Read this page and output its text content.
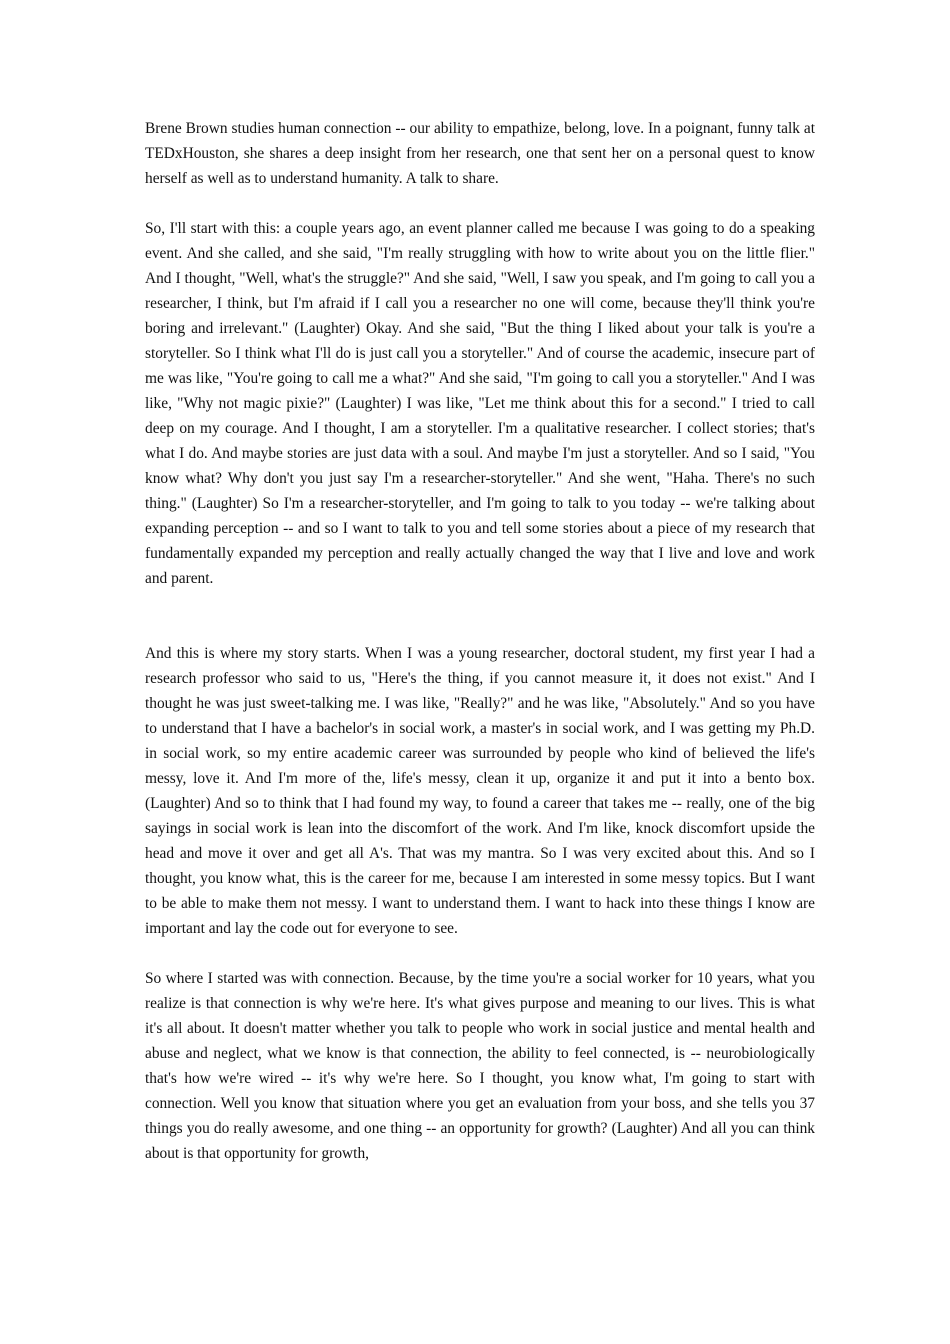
Brene Brown studies human connection -- our ability to empathize, belong, love. In a poignant, funny talk at TEDxHouston, she shares a deep insight from her research, one that sent her on a personal quest to know herself as well as to understand humanity. A talk to share.

So, I'll start with this: a couple years ago, an event planner called me because I was going to do a speaking event. And she called, and she said, "I'm really struggling with how to write about you on the little flier." And I thought, "Well, what's the struggle?" And she said, "Well, I saw you speak, and I'm going to call you a researcher, I think, but I'm afraid if I call you a researcher no one will come, because they'll think you're boring and irrelevant." (Laughter) Okay. And she said, "But the thing I liked about your talk is you're a storyteller. So I think what I'll do is just call you a storyteller." And of course the academic, insecure part of me was like, "You're going to call me a what?" And she said, "I'm going to call you a storyteller." And I was like, "Why not magic pixie?" (Laughter) I was like, "Let me think about this for a second." I tried to call deep on my courage. And I thought, I am a storyteller. I'm a qualitative researcher. I collect stories; that's what I do. And maybe stories are just data with a soul. And maybe I'm just a storyteller. And so I said, "You know what? Why don't you just say I'm a researcher-storyteller." And she went, "Haha. There's no such thing." (Laughter) So I'm a researcher-storyteller, and I'm going to talk to you today -- we're talking about expanding perception -- and so I want to talk to you and tell some stories about a piece of my research that fundamentally expanded my perception and really actually changed the way that I live and love and work and parent.

And this is where my story starts. When I was a young researcher, doctoral student, my first year I had a research professor who said to us, "Here's the thing, if you cannot measure it, it does not exist." And I thought he was just sweet-talking me. I was like, "Really?" and he was like, "Absolutely." And so you have to understand that I have a bachelor's in social work, a master's in social work, and I was getting my Ph.D. in social work, so my entire academic career was surrounded by people who kind of believed the life's messy, love it. And I'm more of the, life's messy, clean it up, organize it and put it into a bento box. (Laughter) And so to think that I had found my way, to found a career that takes me -- really, one of the big sayings in social work is lean into the discomfort of the work. And I'm like, knock discomfort upside the head and move it over and get all A's. That was my mantra. So I was very excited about this. And so I thought, you know what, this is the career for me, because I am interested in some messy topics. But I want to be able to make them not messy. I want to understand them. I want to hack into these things I know are important and lay the code out for everyone to see.

So where I started was with connection. Because, by the time you're a social worker for 10 years, what you realize is that connection is why we're here. It's what gives purpose and meaning to our lives. This is what it's all about. It doesn't matter whether you talk to people who work in social justice and mental health and abuse and neglect, what we know is that connection, the ability to feel connected, is -- neurobiologically that's how we're wired -- it's why we're here. So I thought, you know what, I'm going to start with connection. Well you know that situation where you get an evaluation from your boss, and she tells you 37 things you do really awesome, and one thing -- an opportunity for growth? (Laughter) And all you can think about is that opportunity for growth,
